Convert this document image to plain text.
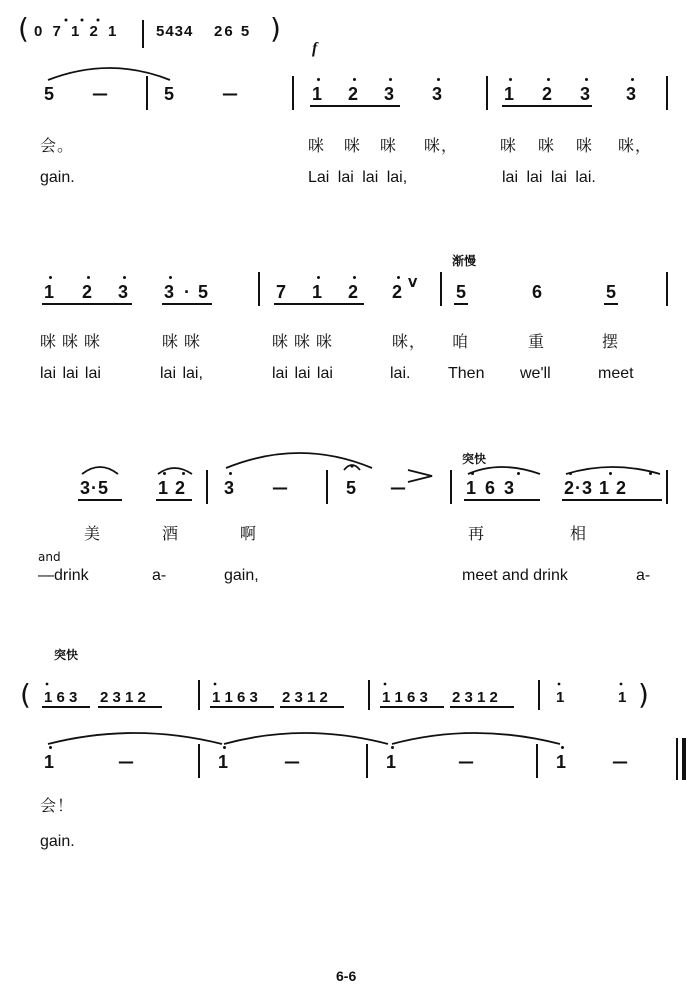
( 0 7 1 2 1 5434 26 5 )
f
5 —	5	—	1 2 3 3	1 2 3 3
会。	咪 咪 咪 咪，	咪 咪 咪 咪，
gain.	Lai lai lai lai,	lai lai lai lai.
渐慢
1 2 3 3 · 5	7 1 2 2 V 5	6	5
咪咪咪	咪咪	咪咪咪	咪， 咱	重	摆
lai lai lai	lai lai,	lai lai lai	lai. Then we'll	meet
突快
3·5	1 2 3 —	5 —	1 6 3	2·3 1 2
美	酒	啊	再	相
and
—drink	a-	gain,	meet and drink	a-
突快
( 1 6 3 2 3 1 2	1 1 6 3 2 3 1 2	1 1 6 3 2 3 1 2	1	1 )
1	—	1	—	1	—	1	—
会！
gain.
6-6
